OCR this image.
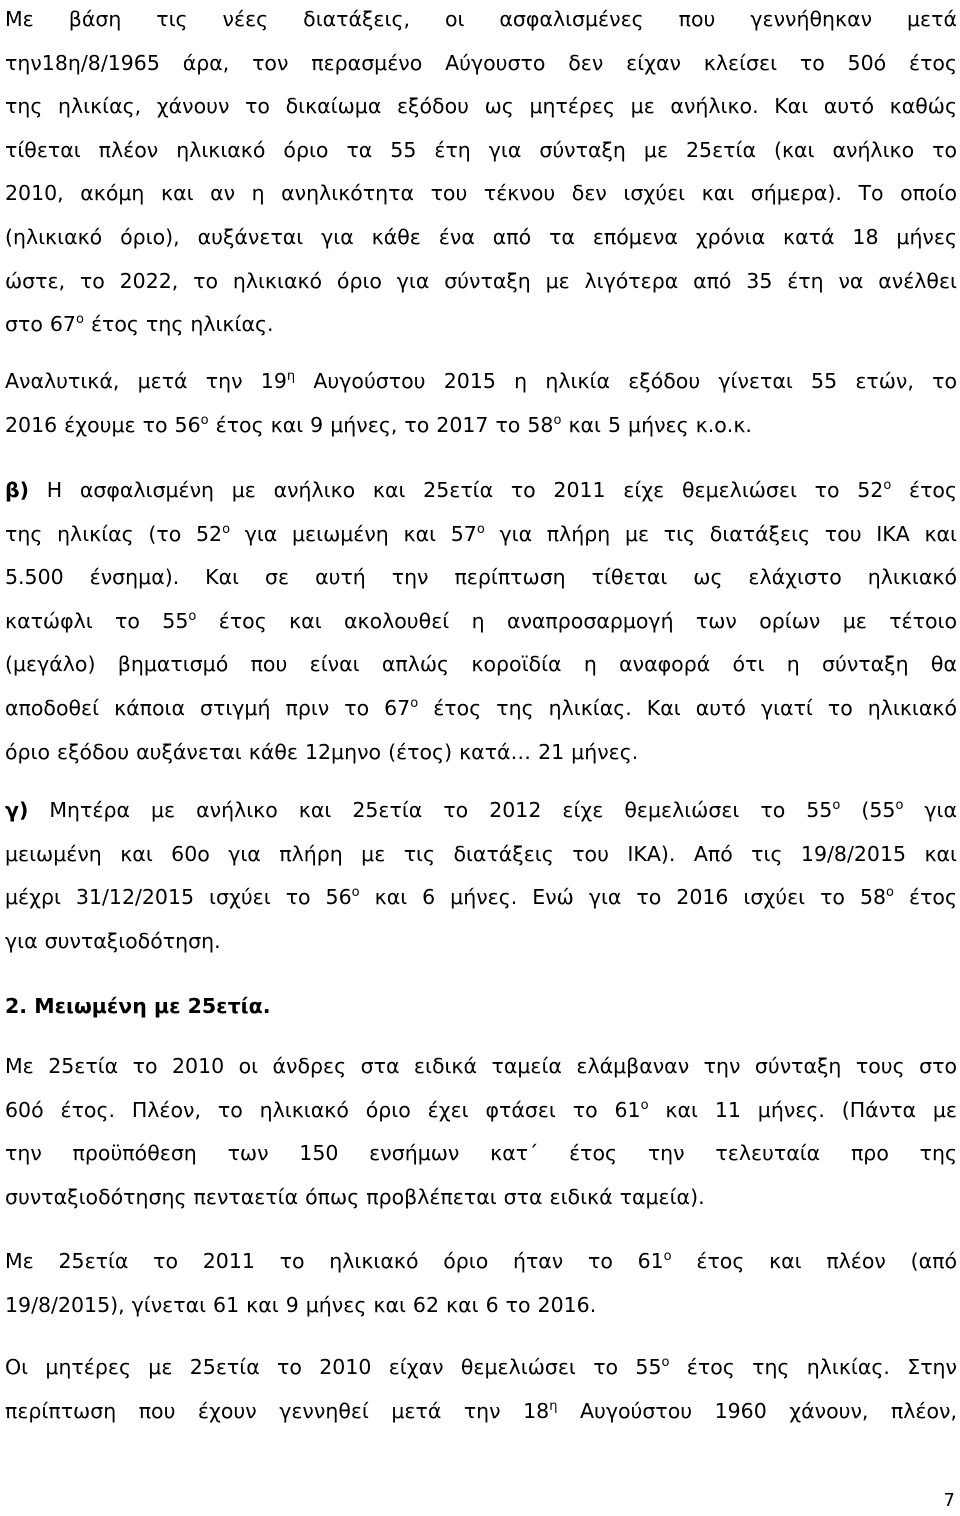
Με βάση τις νέες διατάξεις, οι ασφαλισμένες που γεννήθηκαν μετά
την18η/8/1965 άρα, τον περασμένο Αύγουστο δεν είχαν κλείσει το 50ό έτος
της ηλικίας, χάνουν το δικαίωμα εξόδου ως μητέρες με ανήλικο. Και αυτό καθώς
τίθεται πλέον ηλικιακό όριο τα 55 έτη για σύνταξη με 25ετία (και ανήλικο το
2010, ακόμη και αν η ανηλικότητα του τέκνου δεν ισχύει και σήμερα). Το οποίο
(ηλικιακό όριο), αυξάνεται για κάθε ένα από τα επόμενα χρόνια κατά 18 μήνες
ώστε, το 2022, το ηλικιακό όριο για σύνταξη με λιγότερα από 35 έτη να ανέλθει
στο $67^o$ έτος της ηλικίας.
Αναλυτικά, μετά την $19^\eta$ Αυγούστου 2015 η ηλικία εξόδου γίνεται 55 ετών, το
2016 έχουμε το $56^o$ έτος και 9 μήνες, το 2017 το $58^o$ και 5 μήνες κ.ο.κ.
β) Η ασφαλισμένη με ανήλικο και 25ετία το 2011 είχε θεμελιώσει το $52^o$ έτος
της ηλικίας (το $52^o$ για μειωμένη και $57^o$ για πλήρη με τις διατάξεις του ΙΚΑ και
5.500 ένσημα). Και σε αυτή την περίπτωση τίθεται ως ελάχιστο ηλικιακό
κατώφλι το $55^o$ έτος και ακολουθεί η αναπροσαρμογή των ορίων με τέτοιο
(μεγάλο) βηματισμό που είναι απλώς κοροϊδία η αναφορά ότι η σύνταξη θα
αποδοθεί κάποια στιγμή πριν το $67^o$ έτος της ηλικίας. Και αυτό γιατί το ηλικιακό
όριο εξόδου αυξάνεται κάθε 12μηνο (έτος) κατά… 21 μήνες.
γ) Μητέρα με ανήλικο και 25ετία το 2012 είχε θεμελιώσει το $55^o$ ($55^o$ για
μειωμένη και 60ο για πλήρη με τις διατάξεις του ΙΚΑ). Από τις 19/8/2015 και
μέχρι 31/12/2015 ισχύει το $56^o$ και 6 μήνες. Ενώ για το 2016 ισχύει το $58^o$ έτος
για συνταξιοδότηση.
2. Μειωμένη με 25ετία.
Με 25ετία το 2010 οι άνδρες στα ειδικά ταμεία ελάμβαναν την σύνταξη τους στο
60ό έτος. Πλέον, το ηλικιακό όριο έχει φτάσει το $61^o$ και 11 μήνες. (Πάντα με
την προϋπόθεση των 150 ενσήμων κατ΄ έτος την τελευταία προ της
συνταξιοδότησης πενταετία όπως προβλέπεται στα ειδικά ταμεία).
Με 25ετία το 2011 το ηλικιακό όριο ήταν το $61^o$ έτος και πλέον (από
19/8/2015), γίνεται 61 και 9 μήνες και 62 και 6 το 2016.
Οι μητέρες με 25ετία το 2010 είχαν θεμελιώσει το $55^o$ έτος της ηλικίας. Στην
περίπτωση που έχουν γεννηθεί μετά την $18^\eta$ Αυγούστου 1960 χάνουν, πλέον,
7
